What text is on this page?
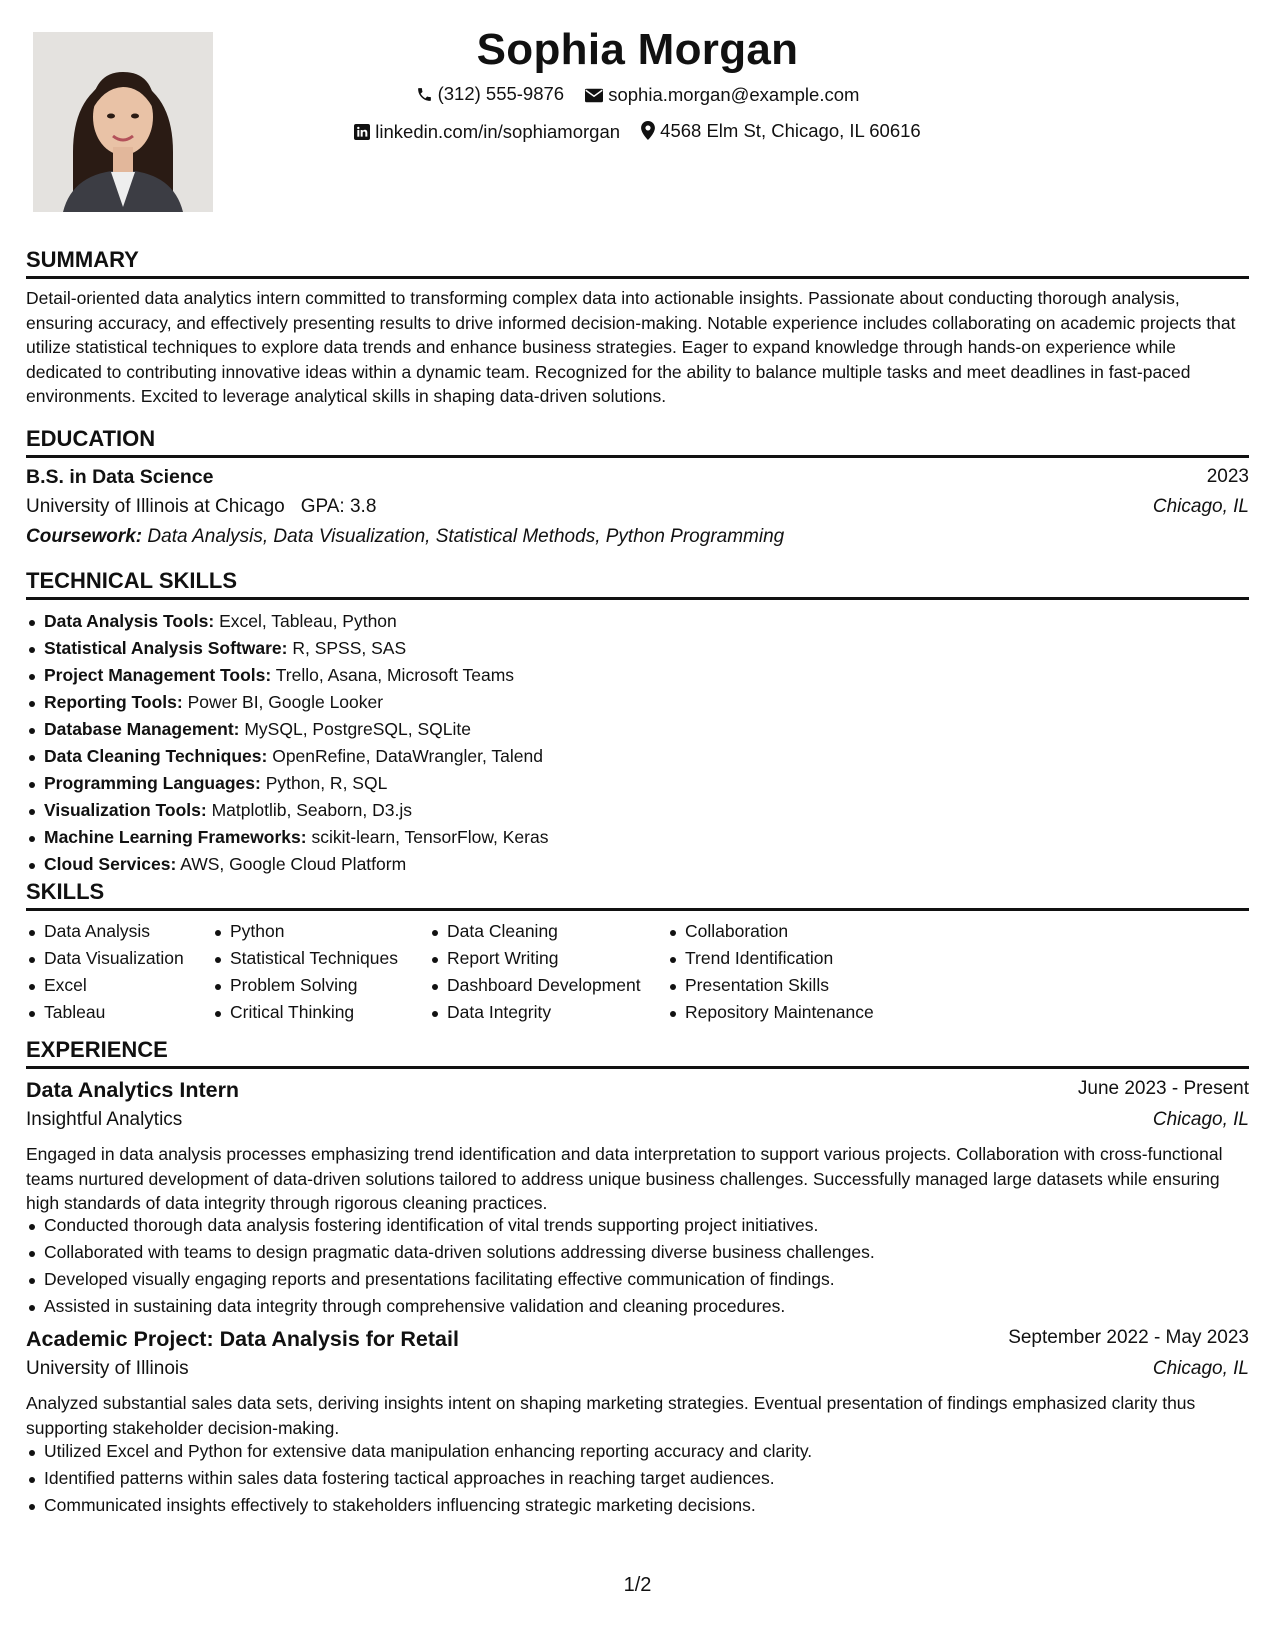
Sophia Morgan
(312) 555-9876
sophia.morgan@example.com
linkedin.com/in/sophiamorgan
4568 Elm St, Chicago, IL 60616
SUMMARY
Detail-oriented data analytics intern committed to transforming complex data into actionable insights. Passionate about conducting thorough analysis, ensuring accuracy, and effectively presenting results to drive informed decision-making. Notable experience includes collaborating on academic projects that utilize statistical techniques to explore data trends and enhance business strategies. Eager to expand knowledge through hands-on experience while dedicated to contributing innovative ideas within a dynamic team. Recognized for the ability to balance multiple tasks and meet deadlines in fast-paced environments. Excited to leverage analytical skills in shaping data-driven solutions.
EDUCATION
B.S. in Data Science	2023
University of Illinois at Chicago GPA: 3.8	Chicago, IL
Coursework: Data Analysis, Data Visualization, Statistical Methods, Python Programming
TECHNICAL SKILLS
Data Analysis Tools: Excel, Tableau, Python
Statistical Analysis Software: R, SPSS, SAS
Project Management Tools: Trello, Asana, Microsoft Teams
Reporting Tools: Power BI, Google Looker
Database Management: MySQL, PostgreSQL, SQLite
Data Cleaning Techniques: OpenRefine, DataWrangler, Talend
Programming Languages: Python, R, SQL
Visualization Tools: Matplotlib, Seaborn, D3.js
Machine Learning Frameworks: scikit-learn, TensorFlow, Keras
Cloud Services: AWS, Google Cloud Platform
SKILLS
Data Analysis
Data Visualization
Excel
Tableau
Python
Statistical Techniques
Problem Solving
Critical Thinking
Data Cleaning
Report Writing
Dashboard Development
Data Integrity
Collaboration
Trend Identification
Presentation Skills
Repository Maintenance
EXPERIENCE
Data Analytics Intern	June 2023 - Present
Insightful Analytics	Chicago, IL
Engaged in data analysis processes emphasizing trend identification and data interpretation to support various projects. Collaboration with cross-functional teams nurtured development of data-driven solutions tailored to address unique business challenges. Successfully managed large datasets while ensuring high standards of data integrity through rigorous cleaning practices.
Conducted thorough data analysis fostering identification of vital trends supporting project initiatives.
Collaborated with teams to design pragmatic data-driven solutions addressing diverse business challenges.
Developed visually engaging reports and presentations facilitating effective communication of findings.
Assisted in sustaining data integrity through comprehensive validation and cleaning procedures.
Academic Project: Data Analysis for Retail	September 2022 - May 2023
University of Illinois	Chicago, IL
Analyzed substantial sales data sets, deriving insights intent on shaping marketing strategies. Eventual presentation of findings emphasized clarity thus supporting stakeholder decision-making.
Utilized Excel and Python for extensive data manipulation enhancing reporting accuracy and clarity.
Identified patterns within sales data fostering tactical approaches in reaching target audiences.
Communicated insights effectively to stakeholders influencing strategic marketing decisions.
1/2
